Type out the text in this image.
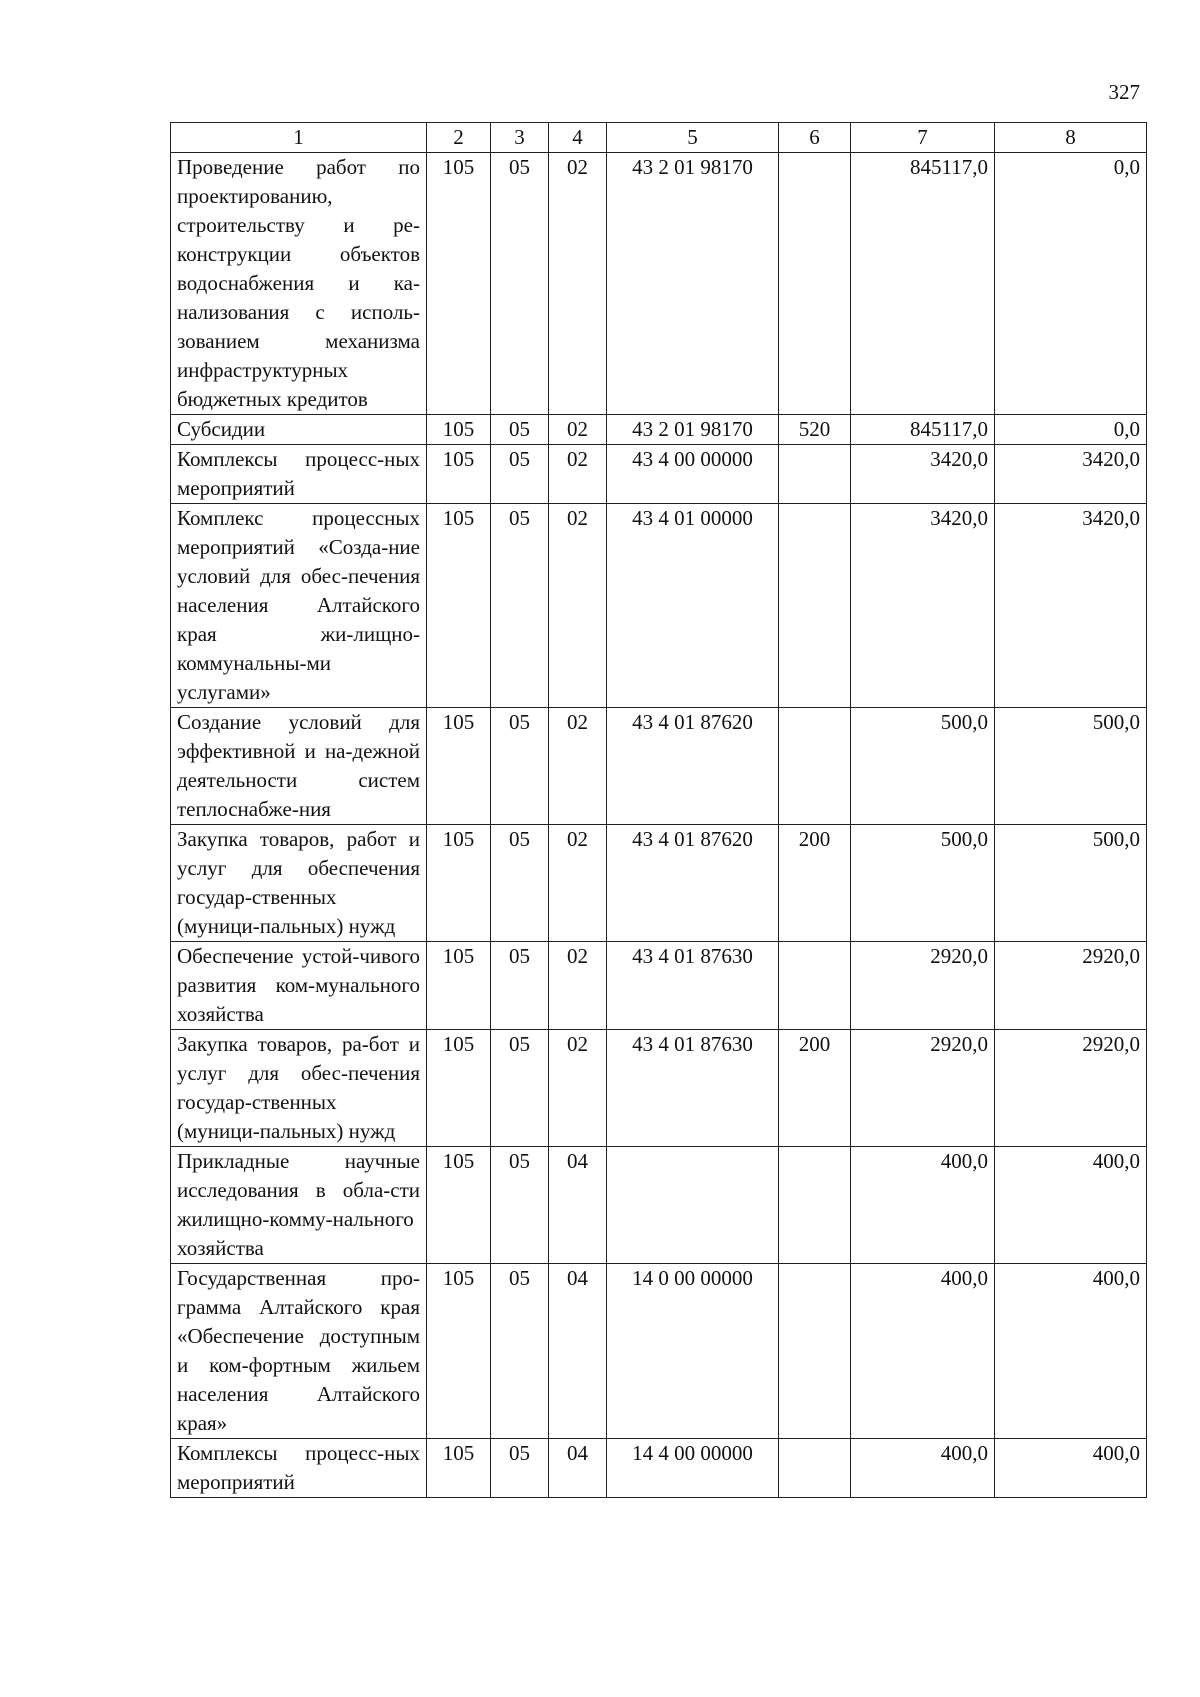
327
1	2	3	4	5	6	7	8
Проведение работ по проектированию, строительству и ре-конструкции объектов водоснабжения и ка-нализования с исполь-зованием механизма инфраструктурных бюджетных кредитов	105	05	02	43 2 01 98170		845117,0	0,0
Субсидии	105	05	02	43 2 01 98170	520	845117,0	0,0
Комплексы процесс-ных мероприятий	105	05	02	43 4 00 00000		3420,0	3420,0
Комплекс процессных мероприятий «Созда-ние условий для обес-печения населения Алтайского края жи-лищно-коммунальны-ми услугами»	105	05	02	43 4 01 00000		3420,0	3420,0
Создание условий для эффективной и на-дежной деятельности систем теплоснабже-ния	105	05	02	43 4 01 87620		500,0	500,0
Закупка товаров, работ и услуг для обеспечения государ-ственных (муници-пальных) нужд	105	05	02	43 4 01 87620	200	500,0	500,0
Обеспечение устой-чивого развития ком-мунального хозяйства	105	05	02	43 4 01 87630		2920,0	2920,0
Закупка товаров, ра-бот и услуг для обес-печения государ-ственных (муници-пальных) нужд	105	05	02	43 4 01 87630	200	2920,0	2920,0
Прикладные научные исследования в обла-сти жилищно-комму-нального хозяйства	105	05	04			400,0	400,0
Государственная про-грамма Алтайского края «Обеспечение доступным и ком-фортным жильем населения Алтайского края»	105	05	04	14 0 00 00000		400,0	400,0
Комплексы процесс-ных мероприятий	105	05	04	14 4 00 00000		400,0	400,0
